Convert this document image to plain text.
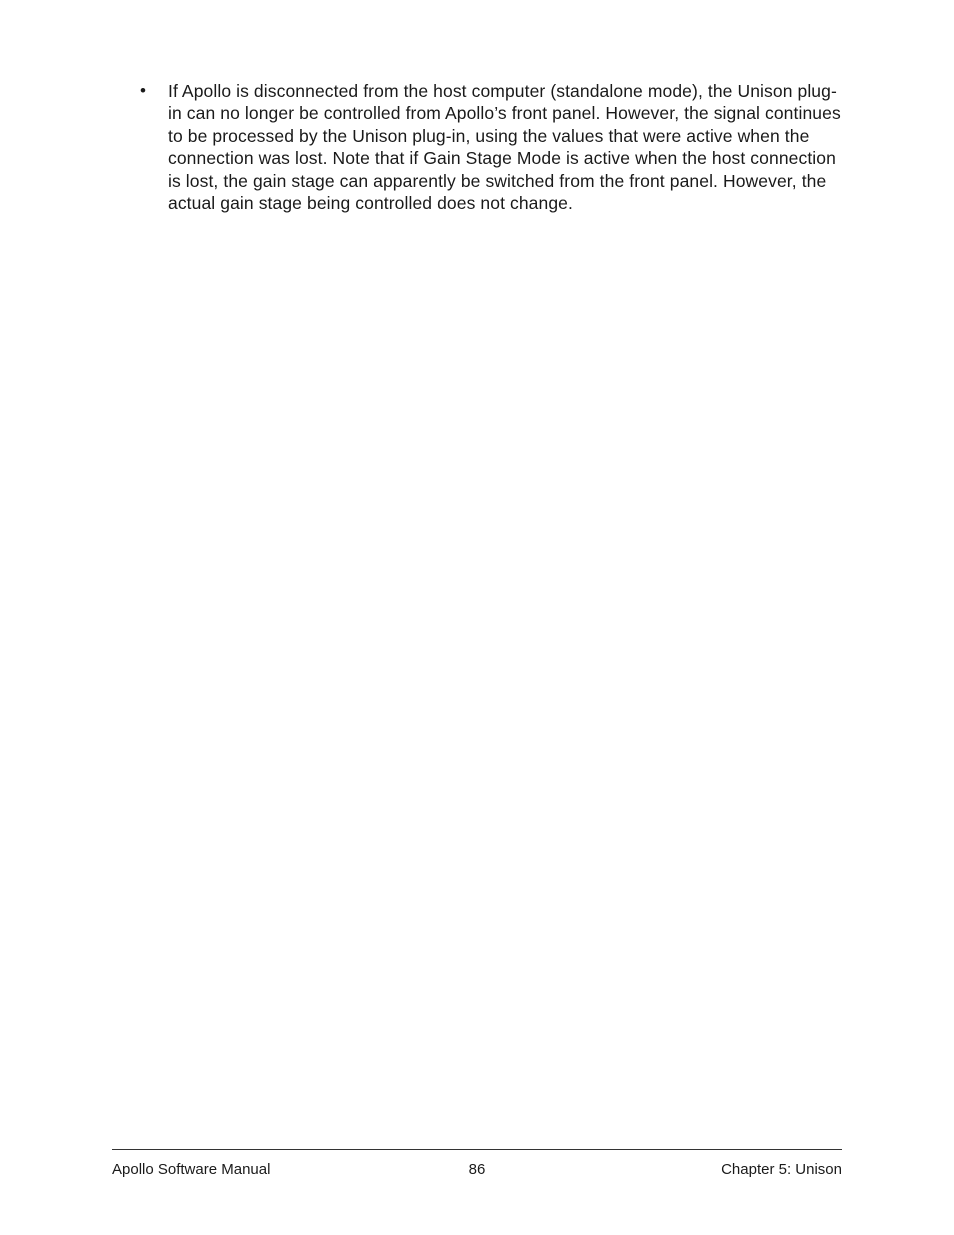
•	If Apollo is disconnected from the host computer (standalone mode), the Unison plug-in can no longer be controlled from Apollo’s front panel. However, the signal continues to be processed by the Unison plug-in, using the values that were active when the connection was lost. Note that if Gain Stage Mode is active when the host connection is lost, the gain stage can apparently be switched from the front panel. However, the actual gain stage being controlled does not change.
Apollo Software Manual	86	Chapter 5: Unison
